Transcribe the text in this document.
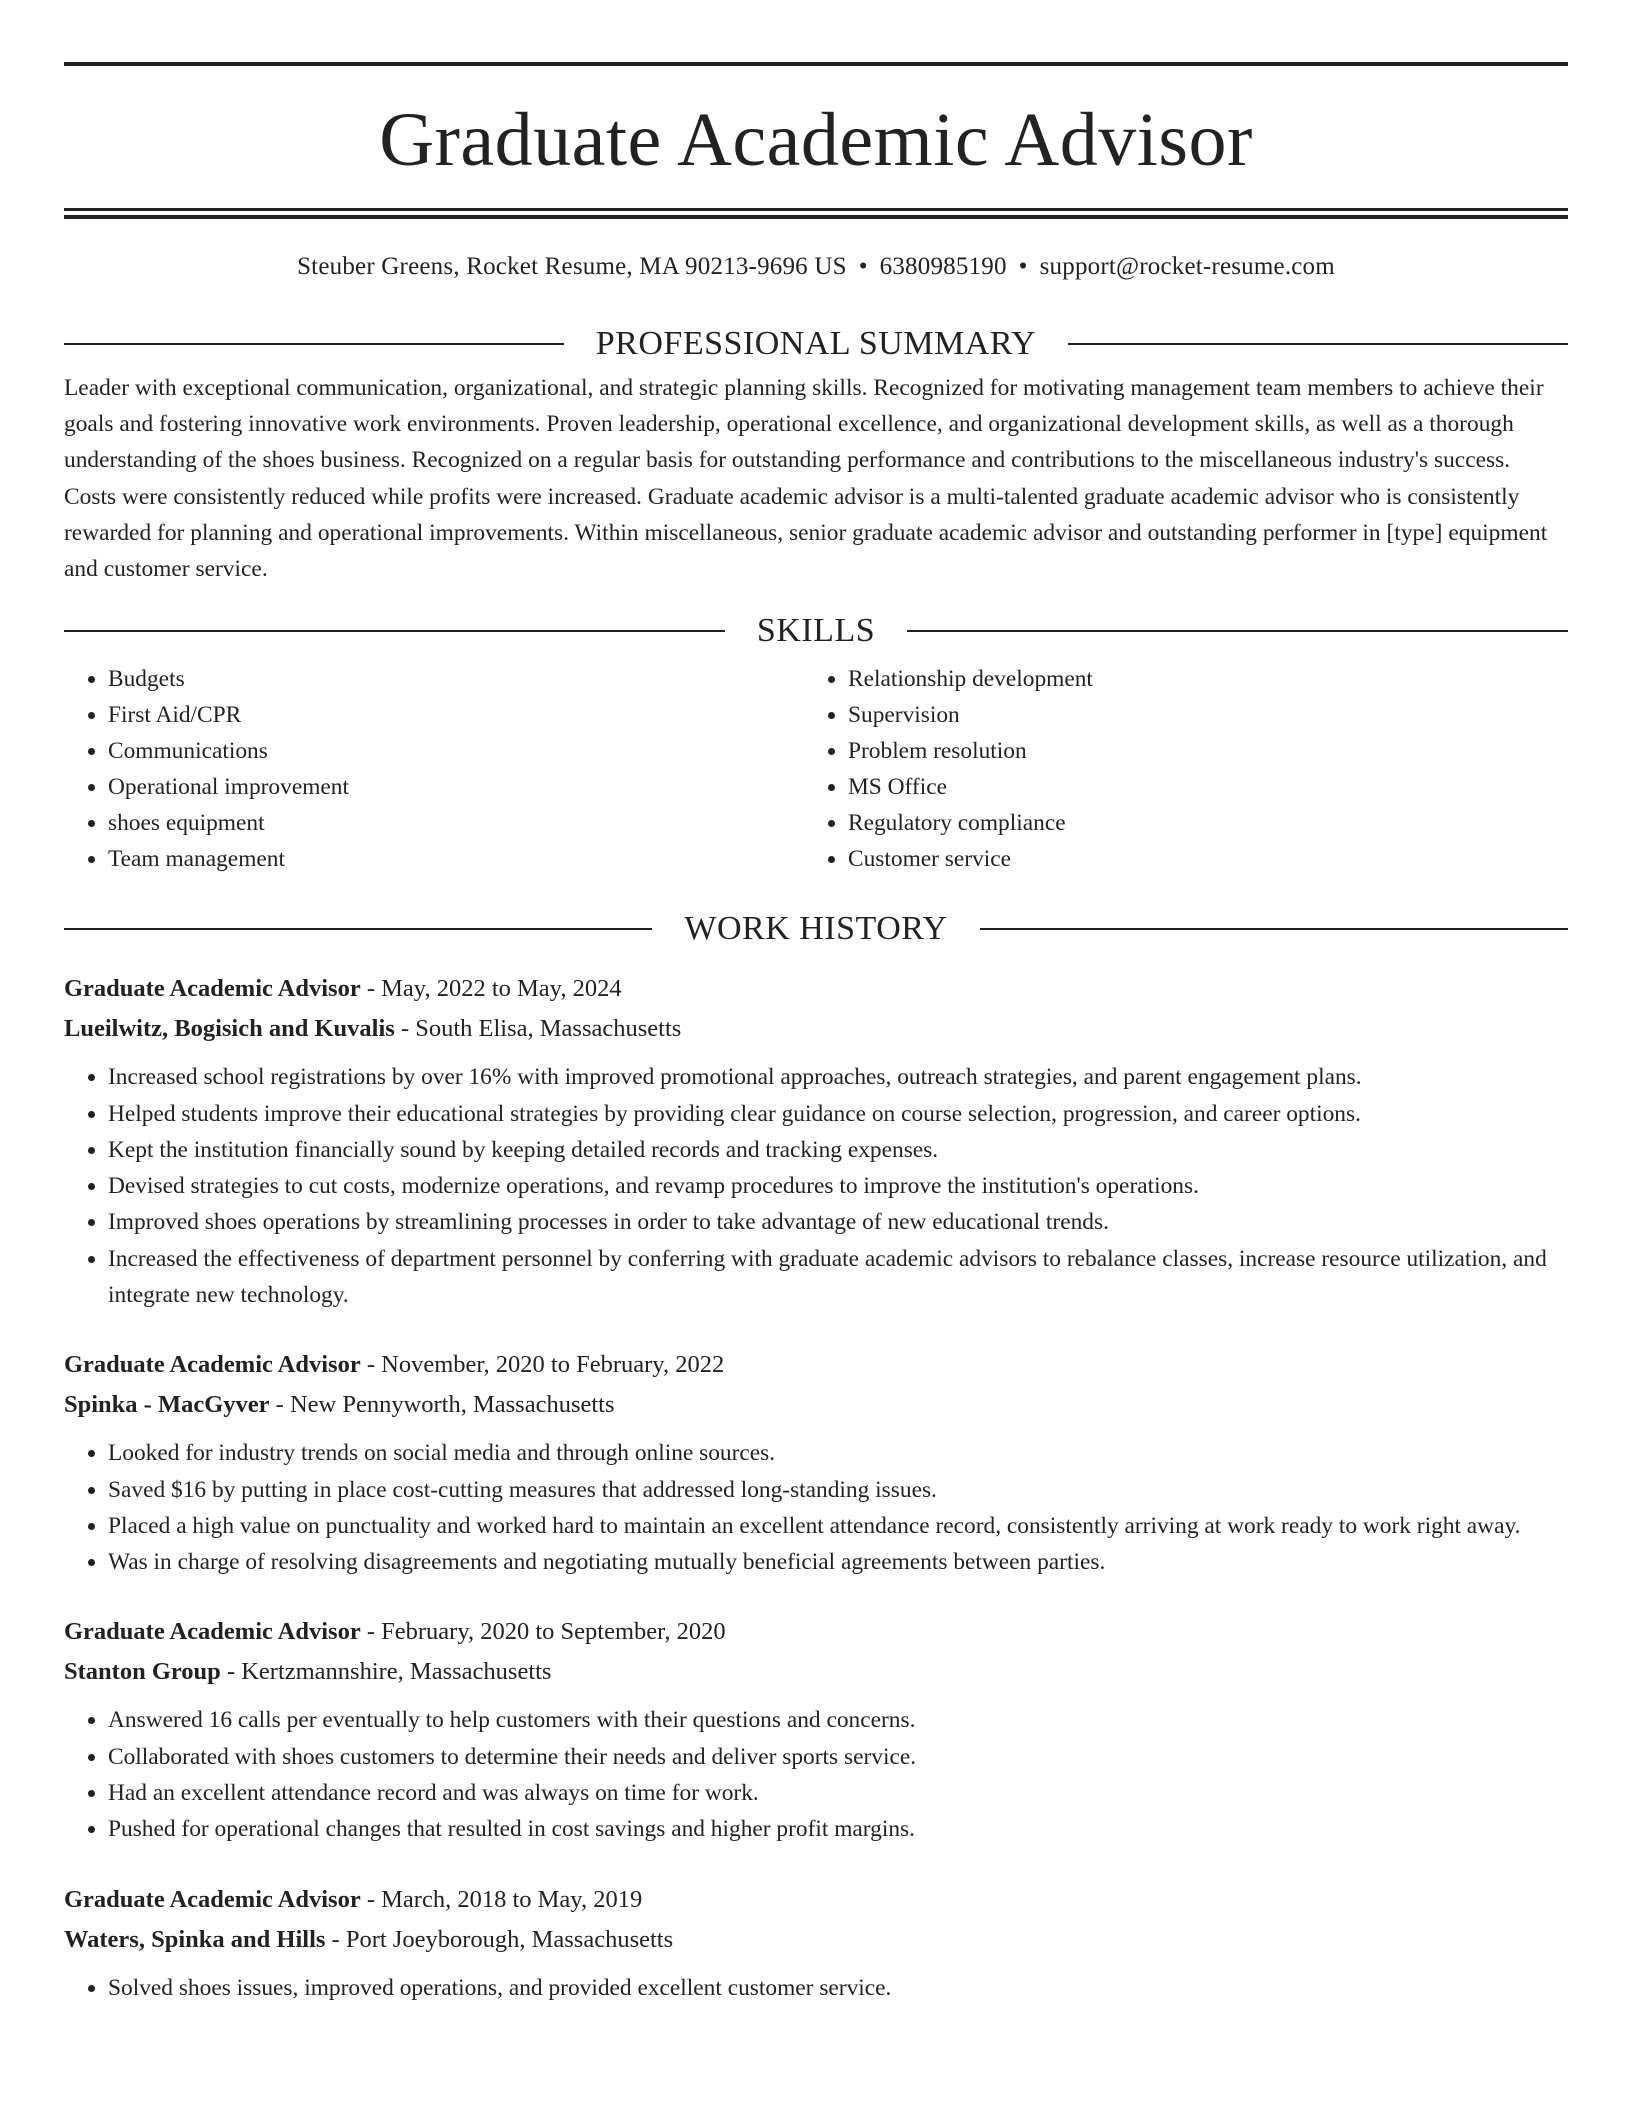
Graduate Academic Advisor
Steuber Greens, Rocket Resume, MA 90213-9696 US • 6380985190 • support@rocket-resume.com
PROFESSIONAL SUMMARY
Leader with exceptional communication, organizational, and strategic planning skills. Recognized for motivating management team members to achieve their goals and fostering innovative work environments. Proven leadership, operational excellence, and organizational development skills, as well as a thorough understanding of the shoes business. Recognized on a regular basis for outstanding performance and contributions to the miscellaneous industry's success. Costs were consistently reduced while profits were increased. Graduate academic advisor is a multi-talented graduate academic advisor who is consistently rewarded for planning and operational improvements. Within miscellaneous, senior graduate academic advisor and outstanding performer in [type] equipment and customer service.
SKILLS
• Budgets
• First Aid/CPR
• Communications
• Operational improvement
• shoes equipment
• Team management
• Relationship development
• Supervision
• Problem resolution
• MS Office
• Regulatory compliance
• Customer service
WORK HISTORY
Graduate Academic Advisor - May, 2022 to May, 2024
Lueilwitz, Bogisich and Kuvalis - South Elisa, Massachusetts
• Increased school registrations by over 16% with improved promotional approaches, outreach strategies, and parent engagement plans.
• Helped students improve their educational strategies by providing clear guidance on course selection, progression, and career options.
• Kept the institution financially sound by keeping detailed records and tracking expenses.
• Devised strategies to cut costs, modernize operations, and revamp procedures to improve the institution's operations.
• Improved shoes operations by streamlining processes in order to take advantage of new educational trends.
• Increased the effectiveness of department personnel by conferring with graduate academic advisors to rebalance classes, increase resource utilization, and integrate new technology.
Graduate Academic Advisor - November, 2020 to February, 2022
Spinka - MacGyver - New Pennyworth, Massachusetts
• Looked for industry trends on social media and through online sources.
• Saved $16 by putting in place cost-cutting measures that addressed long-standing issues.
• Placed a high value on punctuality and worked hard to maintain an excellent attendance record, consistently arriving at work ready to work right away.
• Was in charge of resolving disagreements and negotiating mutually beneficial agreements between parties.
Graduate Academic Advisor - February, 2020 to September, 2020
Stanton Group - Kertzmannshire, Massachusetts
• Answered 16 calls per eventually to help customers with their questions and concerns.
• Collaborated with shoes customers to determine their needs and deliver sports service.
• Had an excellent attendance record and was always on time for work.
• Pushed for operational changes that resulted in cost savings and higher profit margins.
Graduate Academic Advisor - March, 2018 to May, 2019
Waters, Spinka and Hills - Port Joeyborough, Massachusetts
• Solved shoes issues, improved operations, and provided excellent customer service.
